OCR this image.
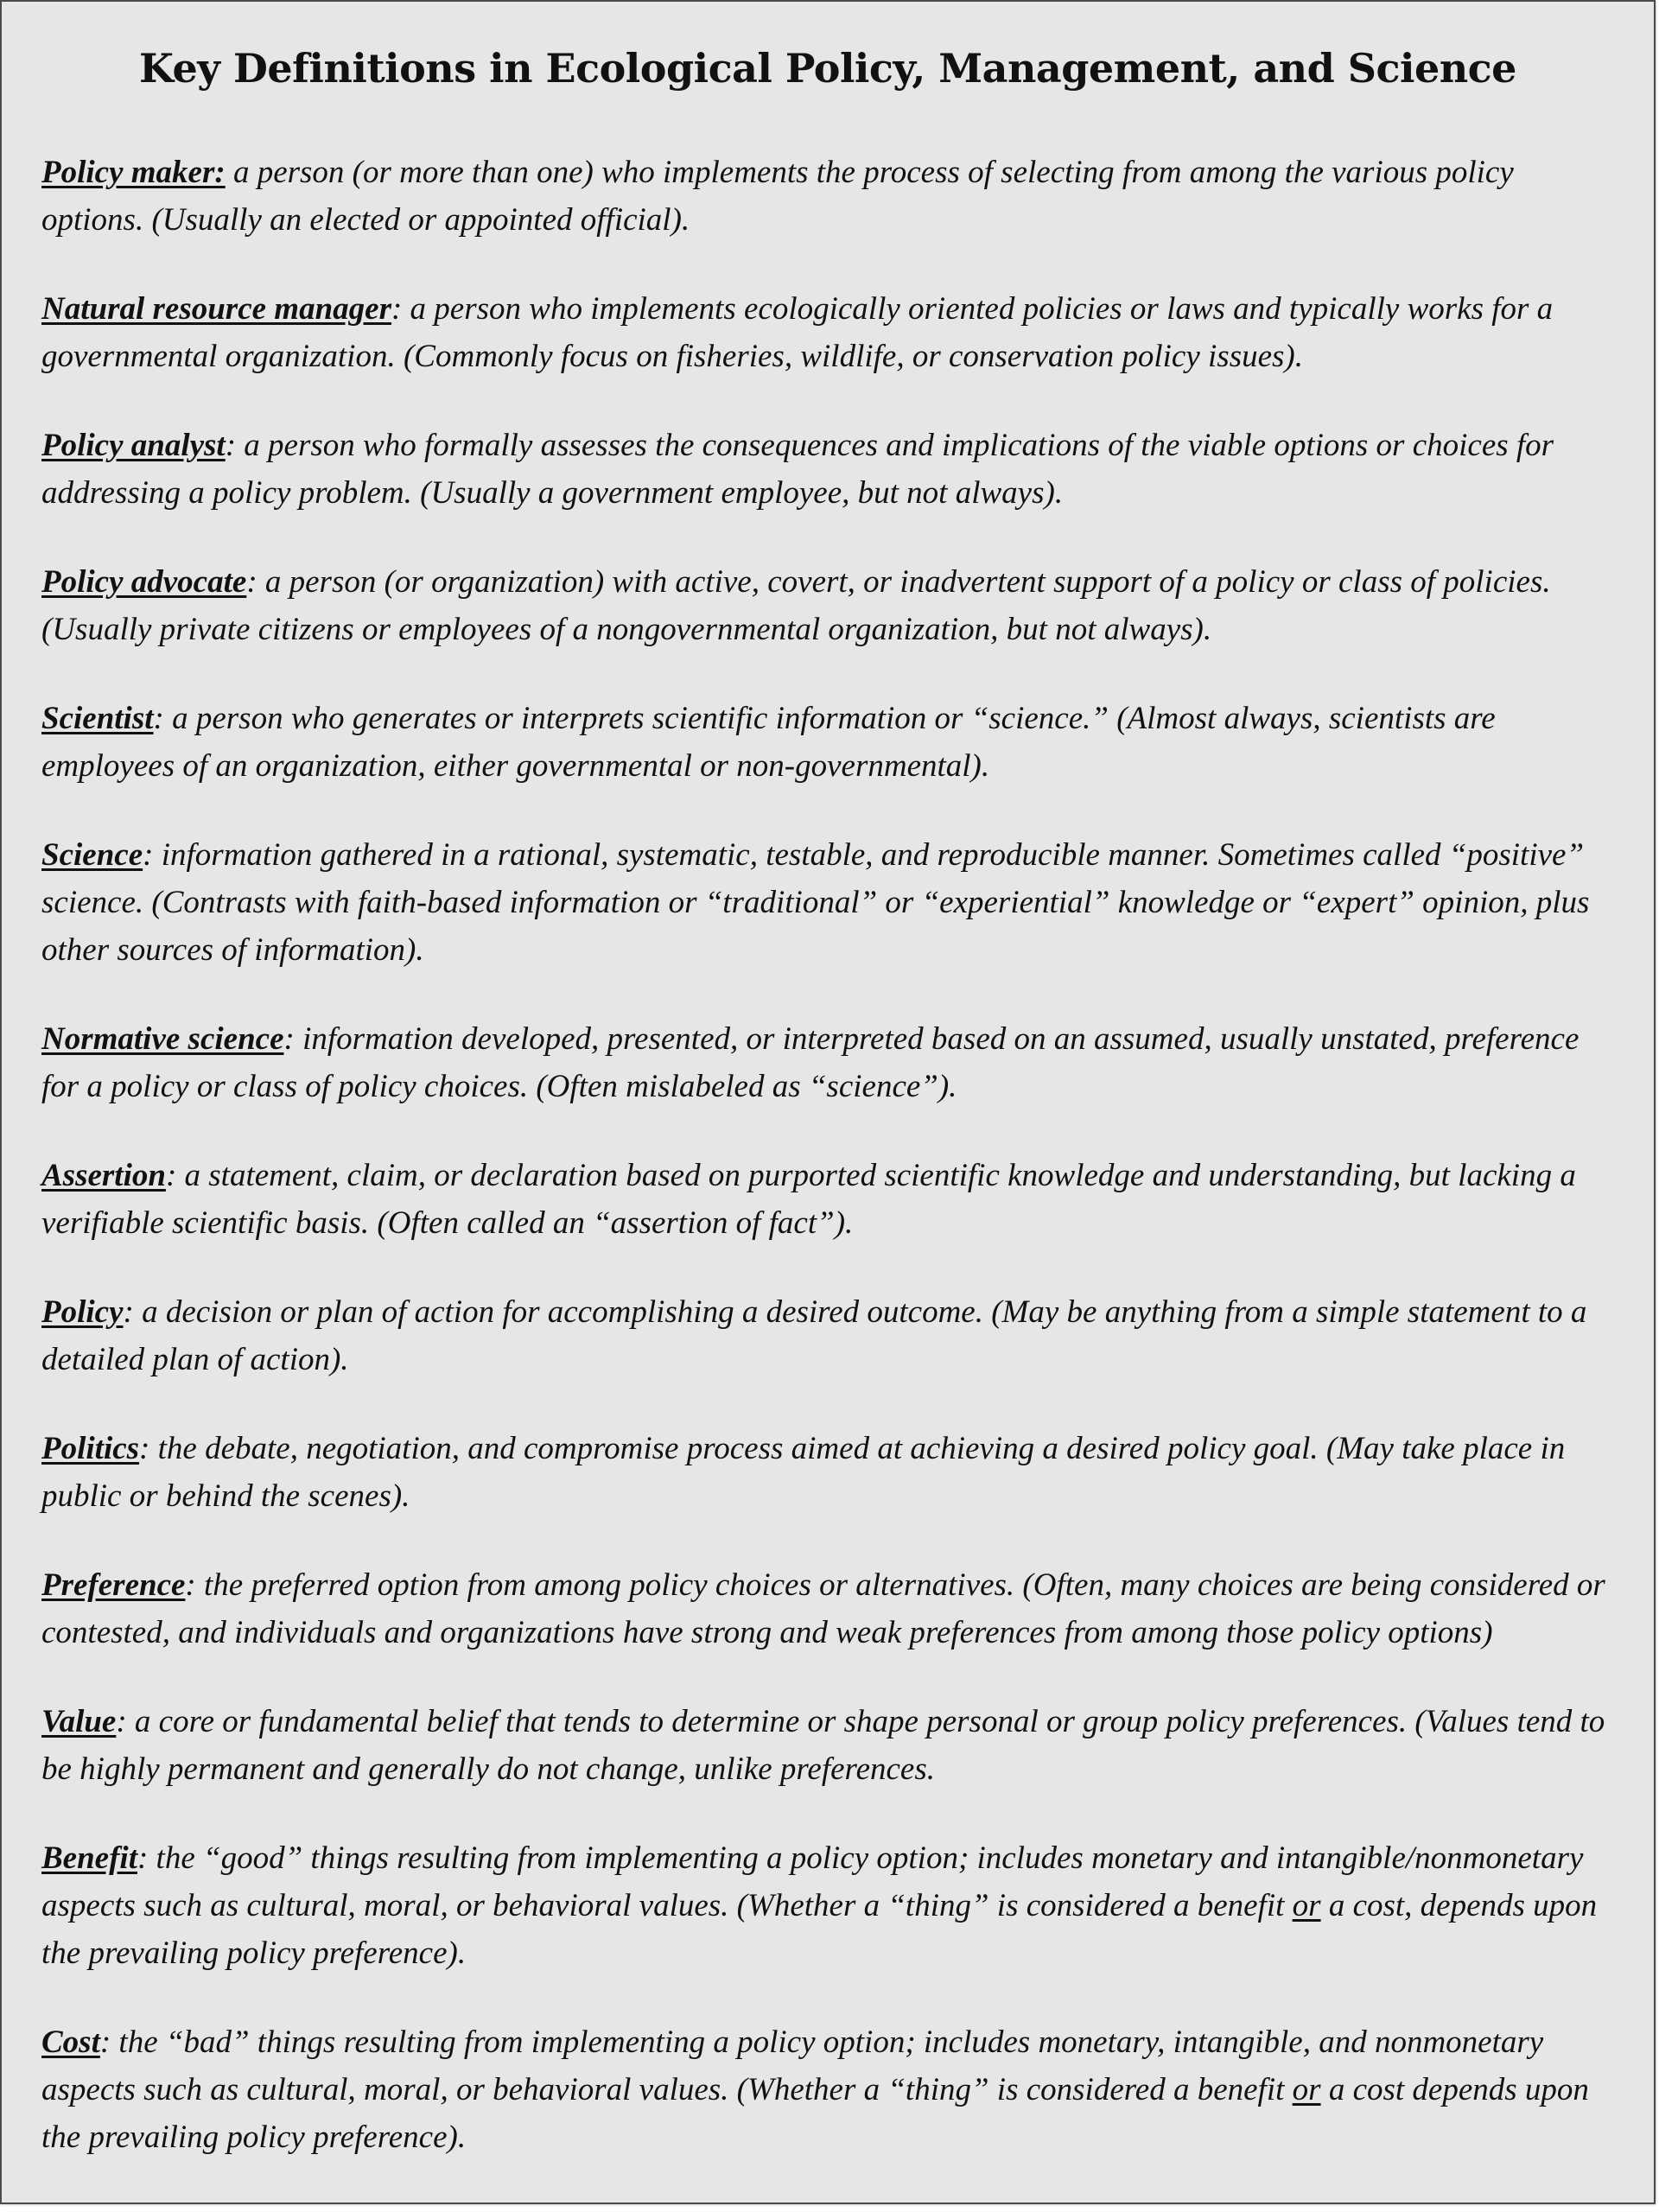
Key Definitions in Ecological Policy, Management, and Science

Policy maker: a person (or more than one) who implements the process of selecting from among the various policy options. (Usually an elected or appointed official).

Natural resource manager: a person who implements ecologically oriented policies or laws and typically works for a governmental organization. (Commonly focus on fisheries, wildlife, or conservation policy issues).

Policy analyst: a person who formally assesses the consequences and implications of the viable options or choices for addressing a policy problem. (Usually a government employee, but not always).

Policy advocate: a person (or organization) with active, covert, or inadvertent support of a policy or class of policies. (Usually private citizens or employees of a nongovernmental organization, but not always).

Scientist: a person who generates or interprets scientific information or “science.” (Almost always, scientists are employees of an organization, either governmental or non-governmental).

Science: information gathered in a rational, systematic, testable, and reproducible manner. Sometimes called “positive” science. (Contrasts with faith-based information or “traditional” or “experiential” knowledge or “expert” opinion, plus other sources of information).

Normative science: information developed, presented, or interpreted based on an assumed, usually unstated, preference for a policy or class of policy choices. (Often mislabeled as “science”).

Assertion: a statement, claim, or declaration based on purported scientific knowledge and understanding, but lacking a verifiable scientific basis. (Often called an “assertion of fact”).

Policy: a decision or plan of action for accomplishing a desired outcome. (May be anything from a simple statement to a detailed plan of action).

Politics: the debate, negotiation, and compromise process aimed at achieving a desired policy goal. (May take place in public or behind the scenes).

Preference: the preferred option from among policy choices or alternatives. (Often, many choices are being considered or contested, and individuals and organizations have strong and weak preferences from among those policy options)

Value: a core or fundamental belief that tends to determine or shape personal or group policy preferences. (Values tend to be highly permanent and generally do not change, unlike preferences.

Benefit: the “good” things resulting from implementing a policy option; includes monetary and intangible/nonmonetary aspects such as cultural, moral, or behavioral values. (Whether a “thing” is considered a benefit or a cost, depends upon the prevailing policy preference).

Cost: the “bad” things resulting from implementing a policy option; includes monetary, intangible, and nonmonetary aspects such as cultural, moral, or behavioral values. (Whether a “thing” is considered a benefit or a cost depends upon the prevailing policy preference).
